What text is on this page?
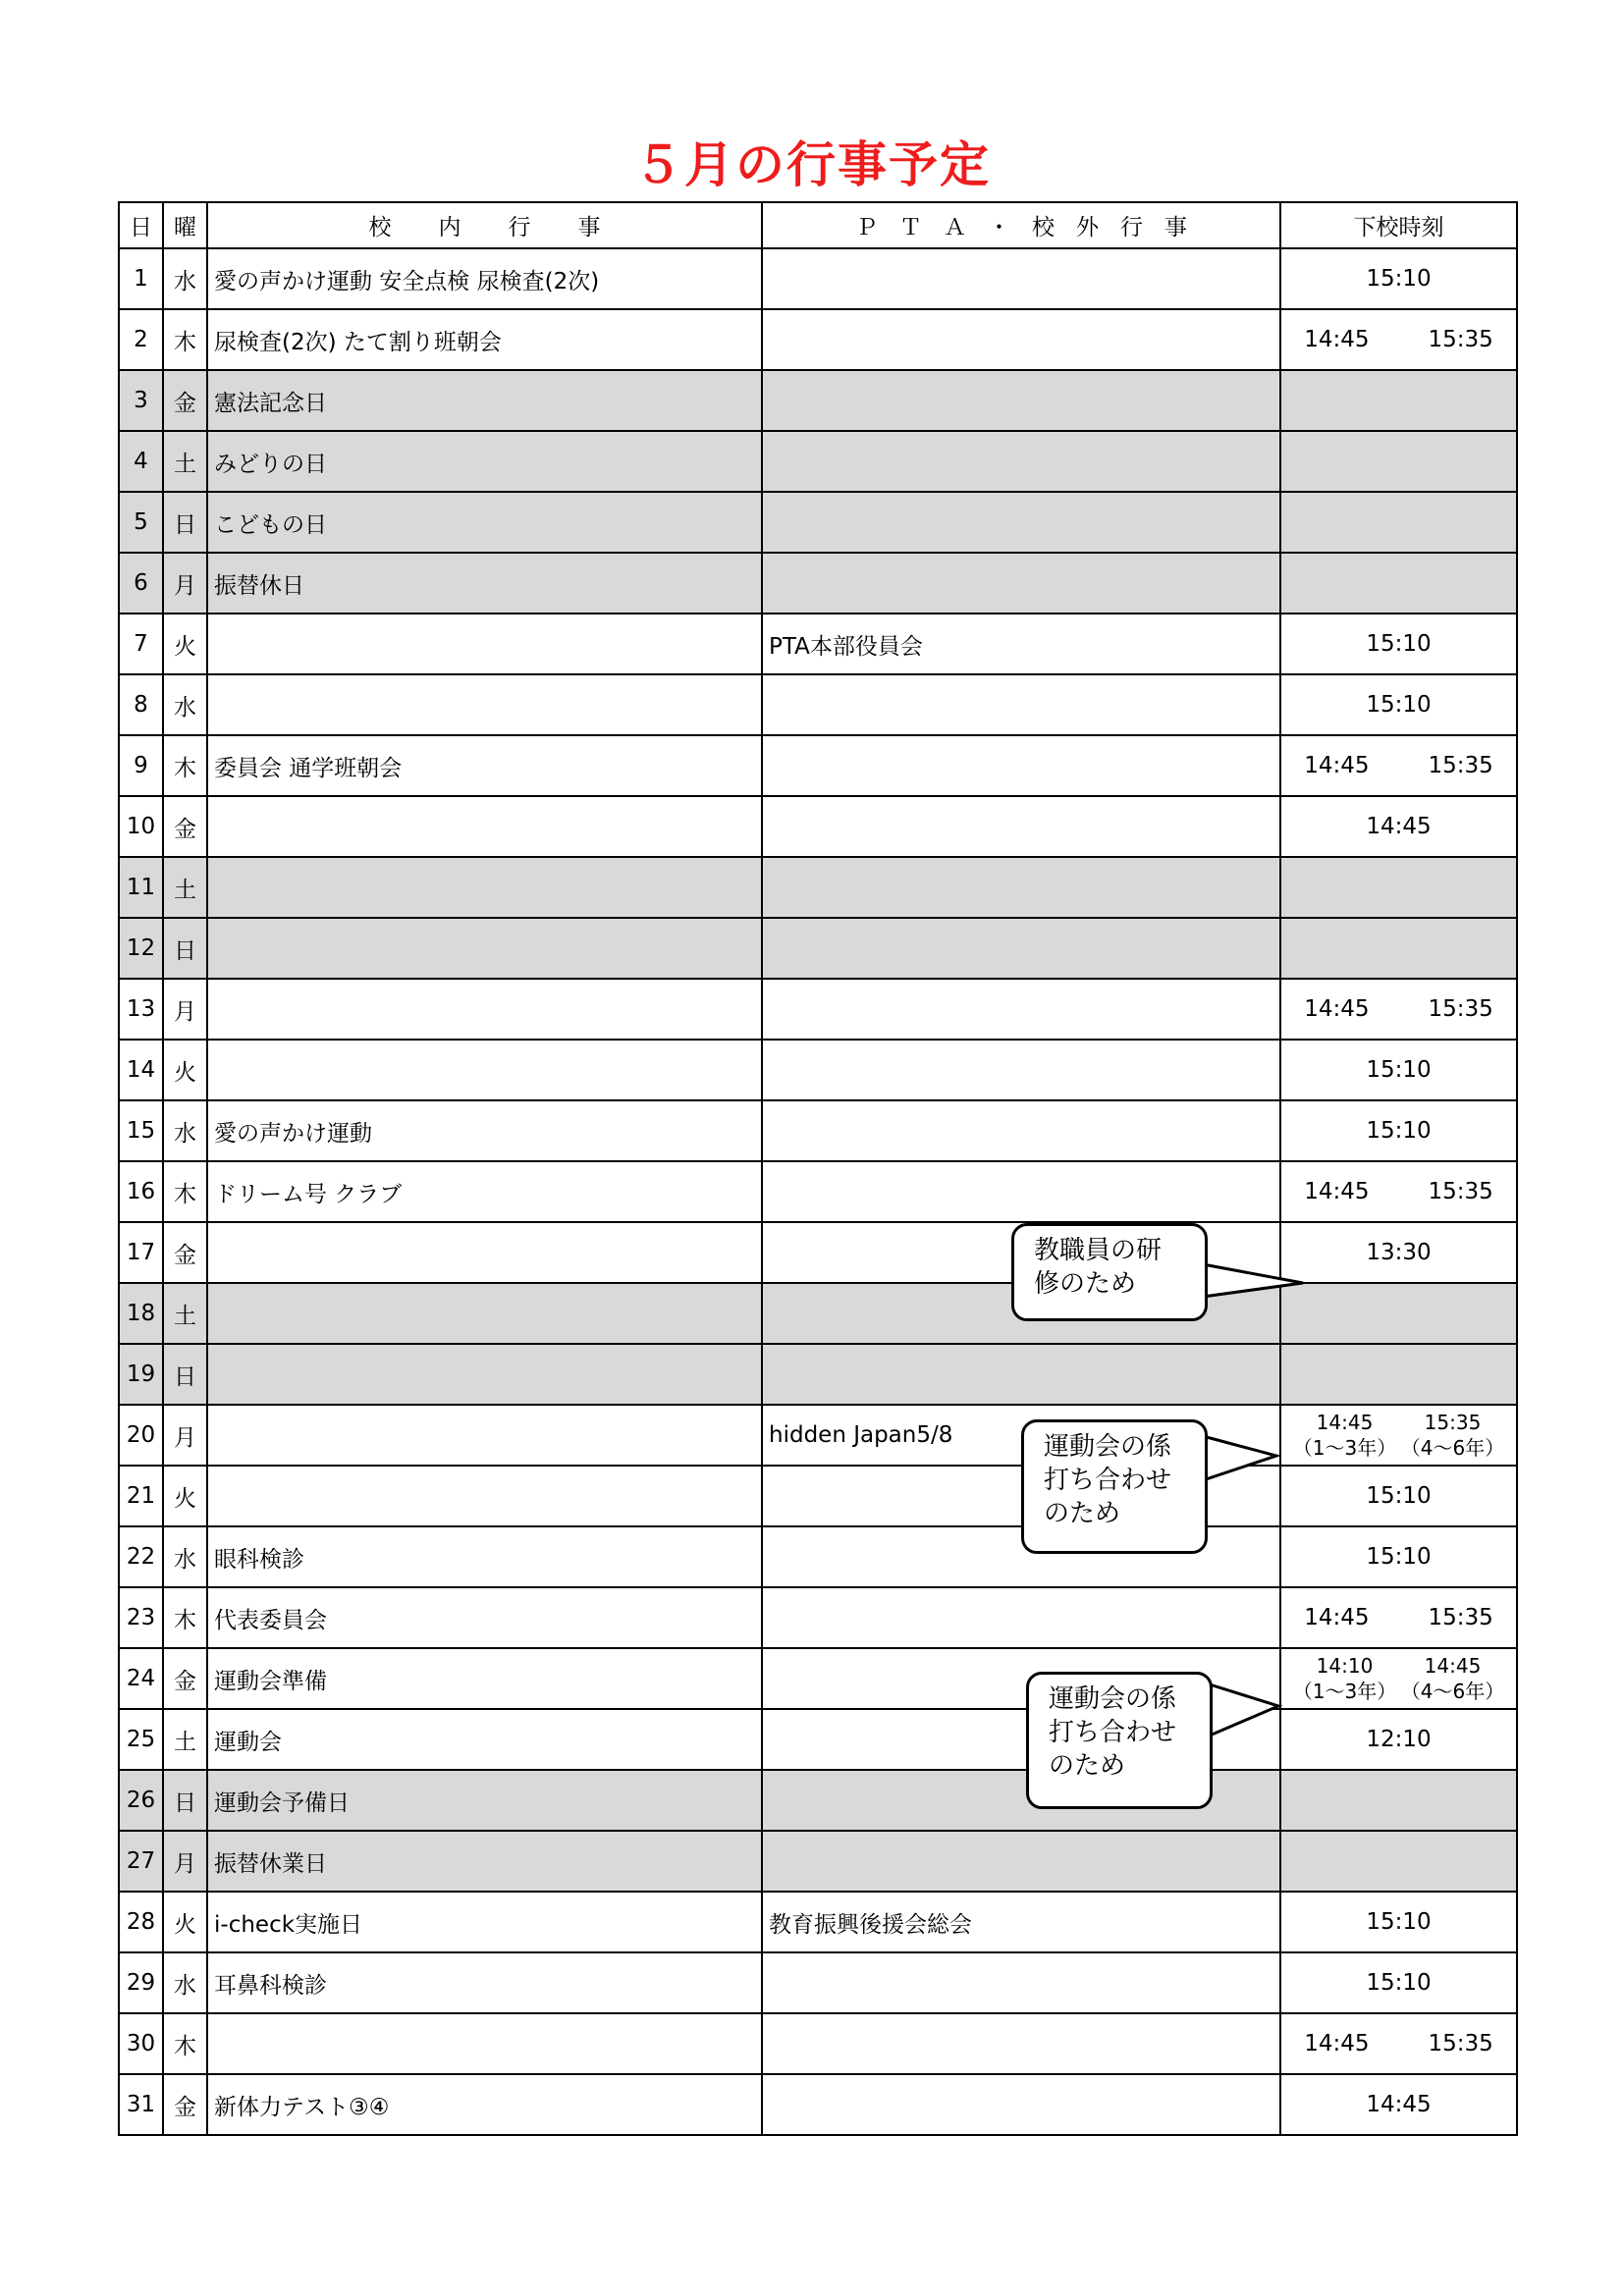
５月の行事予定
日	曜	校内行事	ＰＴＡ・校外行事	下校時刻
1	水	愛の声かけ運動 安全点検 尿検査(2次)		15:10
2	木	尿検査(2次) たて割り班朝会		14:45 15:35
3	金	憲法記念日		
4	土	みどりの日		
5	日	こどもの日		
6	月	振替休日		
7	火		PTA本部役員会	15:10
8	水			15:10
9	木	委員会 通学班朝会		14:45 15:35
10	金			14:45
11	土			
12	日			
13	月			14:45 15:35
14	火			15:10
15	水	愛の声かけ運動		15:10
16	木	ドリーム号 クラブ		14:45 15:35
17	金			13:30
18	土			
19	日			
20	月		hidden Japan5/8	14:45 15:35
（1～3年） （4～6年）

21	火			15:10
22	水	眼科検診		15:10
23	木	代表委員会		14:45 15:35
24	金	運動会準備		14:10 14:45
（1～3年） （4～6年）

25	土	運動会		12:10
26	日	運動会予備日		
27	月	振替休業日		
28	火	i-check実施日	教育振興後援会総会	15:10
29	水	耳鼻科検診		15:10
30	木			14:45 15:35
31	金	新体力テスト③④		14:45
教職員の研
修のため
運動会の係
打ち合わせ
のため
運動会の係
打ち合わせ
のため
